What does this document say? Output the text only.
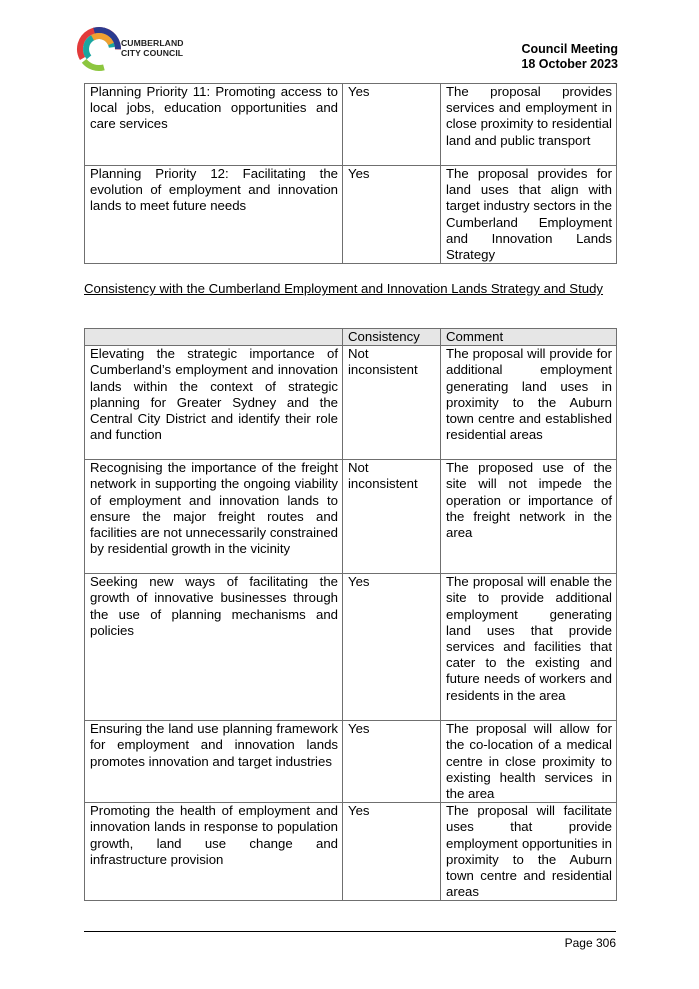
CUMBERLAND
CITY COUNCIL	Council Meeting
18 October 2023
Planning Priority 11: Promoting access to local jobs, education opportunities and care services	Yes	The proposal provides services and employment in close proximity to residential land and public transport
Planning Priority 12: Facilitating the evolution of employment and innovation lands to meet future needs	Yes	The proposal provides for land uses that align with target industry sectors in the Cumberland Employment and Innovation Lands Strategy
Consistency with the Cumberland Employment and Innovation Lands Strategy and Study
	Consistency	Comment
Elevating the strategic importance of Cumberland’s employment and innovation lands within the context of strategic planning for Greater Sydney and the Central City District and identify their role and function	Not inconsistent	The proposal will provide for additional employment generating land uses in proximity to the Auburn town centre and established residential areas
Recognising the importance of the freight network in supporting the ongoing viability of employment and innovation lands to ensure the major freight routes and facilities are not unnecessarily constrained by residential growth in the vicinity	Not inconsistent	The proposed use of the site will not impede the operation or importance of the freight network in the area
Seeking new ways of facilitating the growth of innovative businesses through the use of planning mechanisms and policies	Yes	The proposal will enable the site to provide additional employment generating land uses that provide services and facilities that cater to the existing and future needs of workers and residents in the area
Ensuring the land use planning framework for employment and innovation lands promotes innovation and target industries	Yes	The proposal will allow for the co-location of a medical centre in close proximity to existing health services in the area
Promoting the health of employment and innovation lands in response to population growth, land use change and infrastructure provision	Yes	The proposal will facilitate uses that provide employment opportunities in proximity to the Auburn town centre and residential areas
Page 306
